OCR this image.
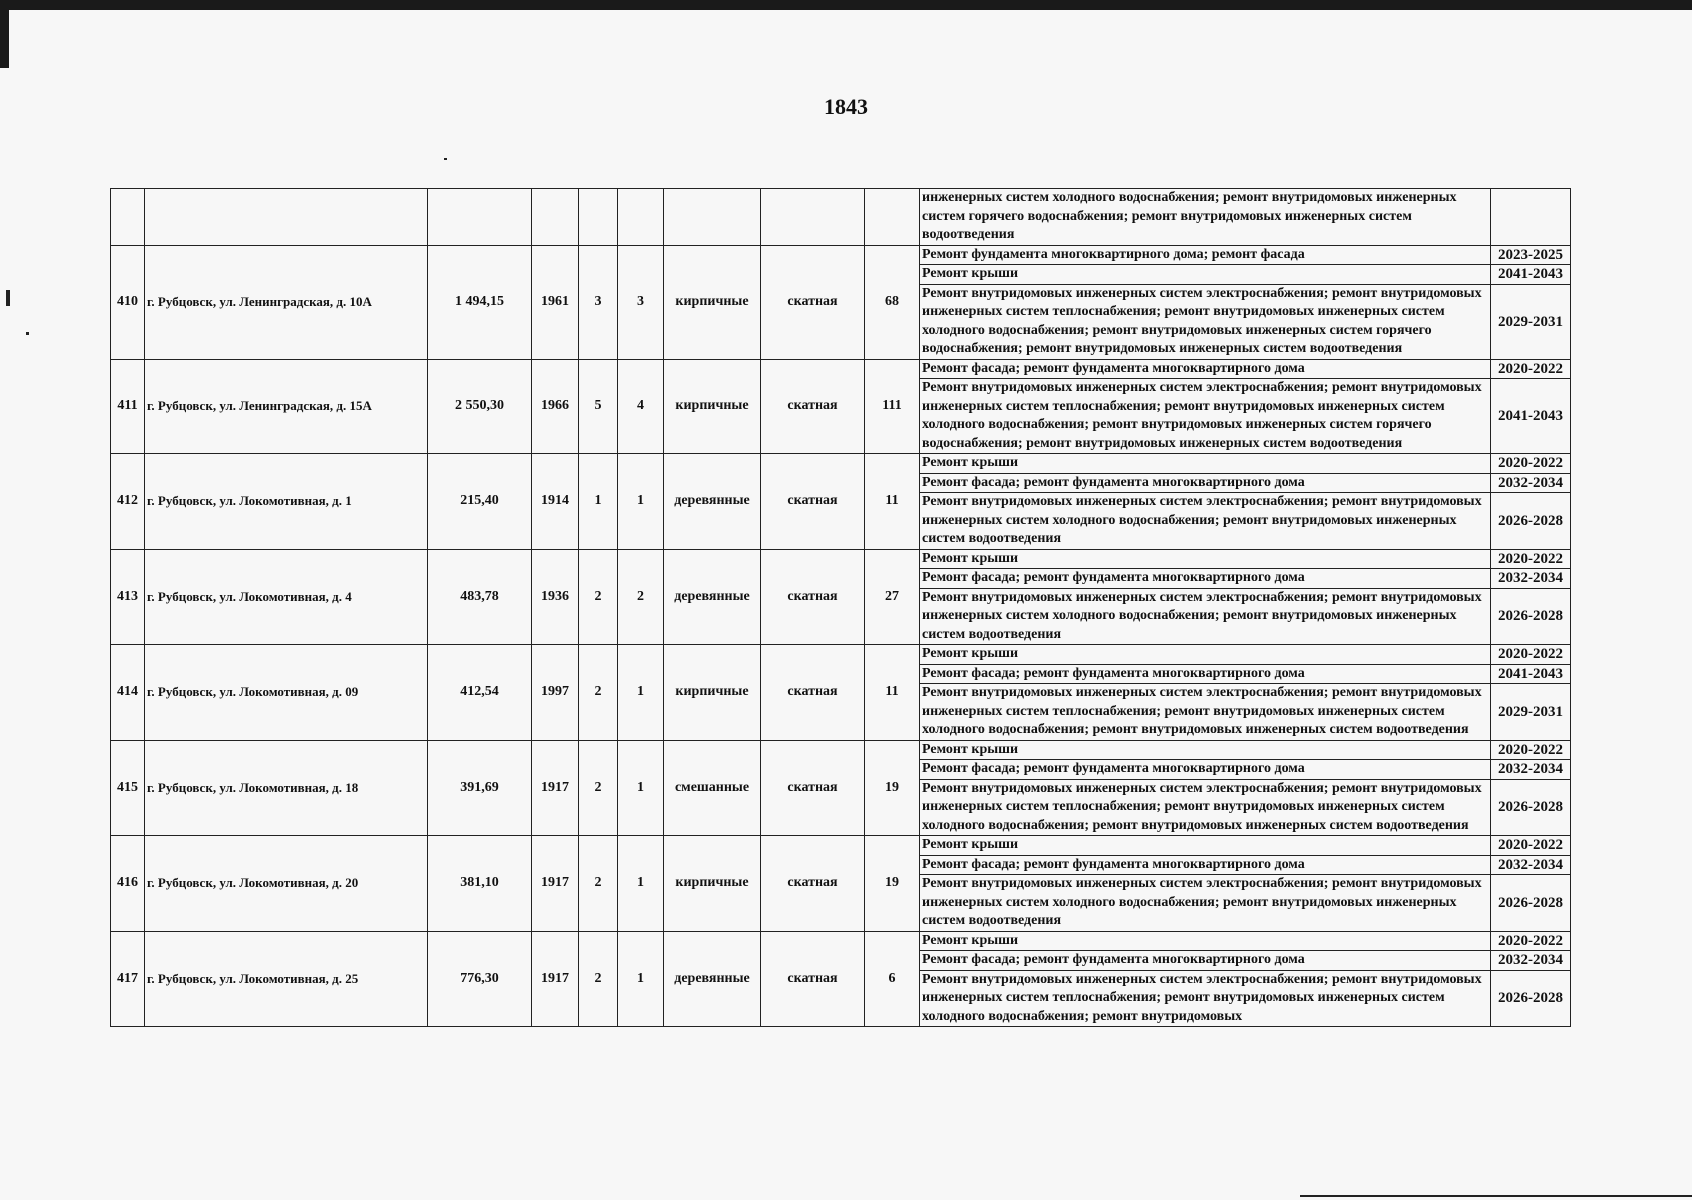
1843
									инженерных систем холодного водоснабжения; ремонт внутридомовых инженерных систем горячего водоснабжения; ремонт внутридомовых инженерных систем водоотведения	
410	г. Рубцовск, ул. Ленинградская, д. 10А	1 494,15	1961	3	3	кирпичные	скатная	68	Ремонт фундамента многоквартирного дома; ремонт фасада	2023-2025
									Ремонт крыши	2041-2043
									Ремонт внутридомовых инженерных систем электроснабжения; ремонт внутридомовых инженерных систем теплоснабжения; ремонт внутридомовых инженерных систем холодного водоснабжения; ремонт внутридомовых инженерных систем горячего водоснабжения; ремонт внутридомовых инженерных систем водоотведения	2029-2031
411	г. Рубцовск, ул. Ленинградская, д. 15А	2 550,30	1966	5	4	кирпичные	скатная	111	Ремонт фасада; ремонт фундамента многоквартирного дома	2020-2022
									Ремонт внутридомовых инженерных систем электроснабжения; ремонт внутридомовых инженерных систем теплоснабжения; ремонт внутридомовых инженерных систем холодного водоснабжения; ремонт внутридомовых инженерных систем горячего водоснабжения; ремонт внутридомовых инженерных систем водоотведения	2041-2043
412	г. Рубцовск, ул. Локомотивная, д. 1	215,40	1914	1	1	деревянные	скатная	11	Ремонт крыши	2020-2022
									Ремонт фасада; ремонт фундамента многоквартирного дома	2032-2034
									Ремонт внутридомовых инженерных систем электроснабжения; ремонт внутридомовых инженерных систем холодного водоснабжения; ремонт внутридомовых инженерных систем водоотведения	2026-2028
413	г. Рубцовск, ул. Локомотивная, д. 4	483,78	1936	2	2	деревянные	скатная	27	Ремонт крыши	2020-2022
									Ремонт фасада; ремонт фундамента многоквартирного дома	2032-2034
									Ремонт внутридомовых инженерных систем электроснабжения; ремонт внутридомовых инженерных систем холодного водоснабжения; ремонт внутридомовых инженерных систем водоотведения	2026-2028
414	г. Рубцовск, ул. Локомотивная, д. 09	412,54	1997	2	1	кирпичные	скатная	11	Ремонт крыши	2020-2022
									Ремонт фасада; ремонт фундамента многоквартирного дома	2041-2043
									Ремонт внутридомовых инженерных систем электроснабжения; ремонт внутридомовых инженерных систем теплоснабжения; ремонт внутридомовых инженерных систем холодного водоснабжения; ремонт внутридомовых инженерных систем водоотведения	2029-2031
415	г. Рубцовск, ул. Локомотивная, д. 18	391,69	1917	2	1	смешанные	скатная	19	Ремонт крыши	2020-2022
									Ремонт фасада; ремонт фундамента многоквартирного дома	2032-2034
									Ремонт внутридомовых инженерных систем электроснабжения; ремонт внутридомовых инженерных систем теплоснабжения; ремонт внутридомовых инженерных систем холодного водоснабжения; ремонт внутридомовых инженерных систем водоотведения	2026-2028
416	г. Рубцовск, ул. Локомотивная, д. 20	381,10	1917	2	1	кирпичные	скатная	19	Ремонт крыши	2020-2022
									Ремонт фасада; ремонт фундамента многоквартирного дома	2032-2034
									Ремонт внутридомовых инженерных систем электроснабжения; ремонт внутридомовых инженерных систем холодного водоснабжения; ремонт внутридомовых инженерных систем водоотведения	2026-2028
417	г. Рубцовск, ул. Локомотивная, д. 25	776,30	1917	2	1	деревянные	скатная	6	Ремонт крыши	2020-2022
									Ремонт фасада; ремонт фундамента многоквартирного дома	2032-2034
									Ремонт внутридомовых инженерных систем электроснабжения; ремонт внутридомовых инженерных систем теплоснабжения; ремонт внутридомовых инженерных систем холодного водоснабжения; ремонт внутридомовых	2026-2028
